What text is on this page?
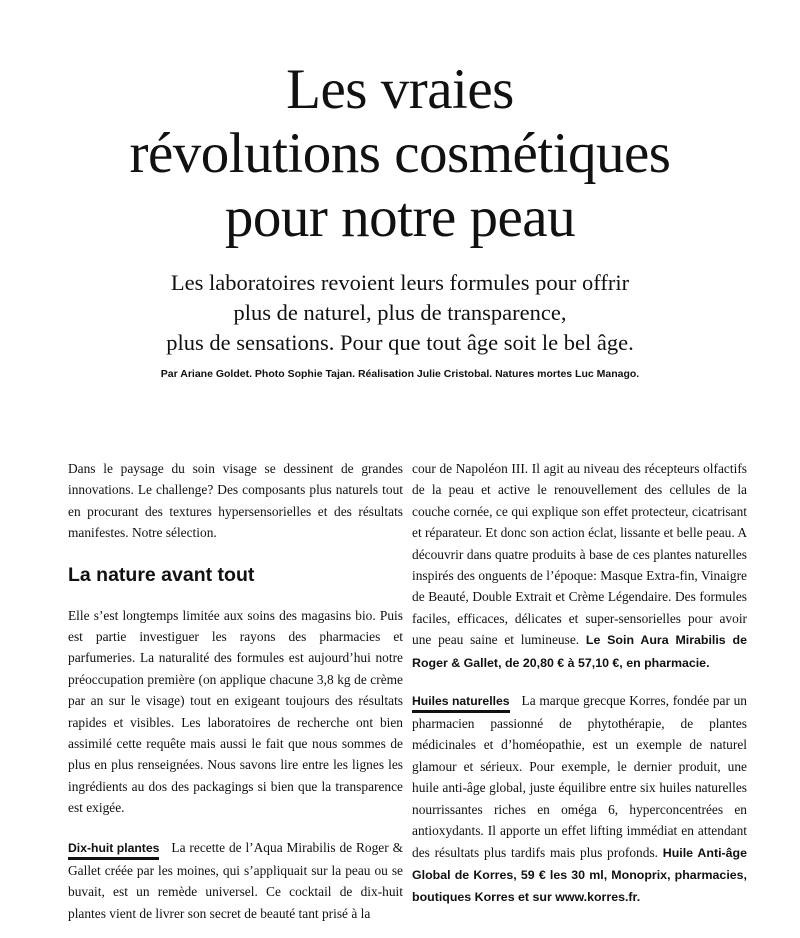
Les vraies
révolutions cosmétiques
pour notre peau

Les laboratoires revoient leurs formules pour offrir
plus de naturel, plus de transparence,
plus de sensations. Pour que tout âge soit le bel âge.

Par Ariane Goldet. Photo Sophie Tajan. Réalisation Julie Cristobal. Natures mortes Luc Manago.

Dans le paysage du soin visage se dessinent de grandes innovations. Le challenge? Des composants plus naturels tout en procurant des textures hypersensorielles et des résultats manifestes. Notre sélection.

La nature avant tout

Elle s’est longtemps limitée aux soins des magasins bio. Puis est partie investiguer les rayons des pharmacies et parfumeries. La naturalité des formules est aujourd’hui notre préoccupation première (on applique chacune 3,8 kg de crème par an sur le visage) tout en exigeant toujours des résultats rapides et visibles. Les laboratoires de recherche ont bien assimilé cette requête mais aussi le fait que nous sommes de plus en plus renseignées. Nous savons lire entre les lignes les ingrédients au dos des packagings si bien que la transparence est exigée.

Dix-huit plantes La recette de l’Aqua Mirabilis de Roger & Gallet créée par les moines, qui s’appliquait sur la peau ou se buvait, est un remède universel. Ce cocktail de dix-huit plantes vient de livrer son secret de beauté tant prisé à la

cour de Napoléon III. Il agit au niveau des récepteurs olfactifs de la peau et active le renouvellement des cellules de la couche cornée, ce qui explique son effet protecteur, cicatrisant et réparateur. Et donc son action éclat, lissante et belle peau. A découvrir dans quatre produits à base de ces plantes naturelles inspirés des onguents de l’époque: Masque Extra-fin, Vinaigre de Beauté, Double Extrait et Crème Légendaire. Des formules faciles, efficaces, délicates et super-sensorielles pour avoir une peau saine et lumineuse. Le Soin Aura Mirabilis de Roger & Gallet, de 20,80 € à 57,10 €, en pharmacie.

Huiles naturelles La marque grecque Korres, fondée par un pharmacien passionné de phytothérapie, de plantes médicinales et d’homéopathie, est un exemple de naturel glamour et sérieux. Pour exemple, le dernier produit, une huile anti-âge global, juste équilibre entre six huiles naturelles nourrissantes riches en oméga 6, hyperconcentrées en antioxydants. Il apporte un effet lifting immédiat en attendant des résultats plus tardifs mais plus profonds. Huile Anti-âge Global de Korres, 59 € les 30 ml, Monoprix, pharmacies, boutiques Korres et sur www.korres.fr.
